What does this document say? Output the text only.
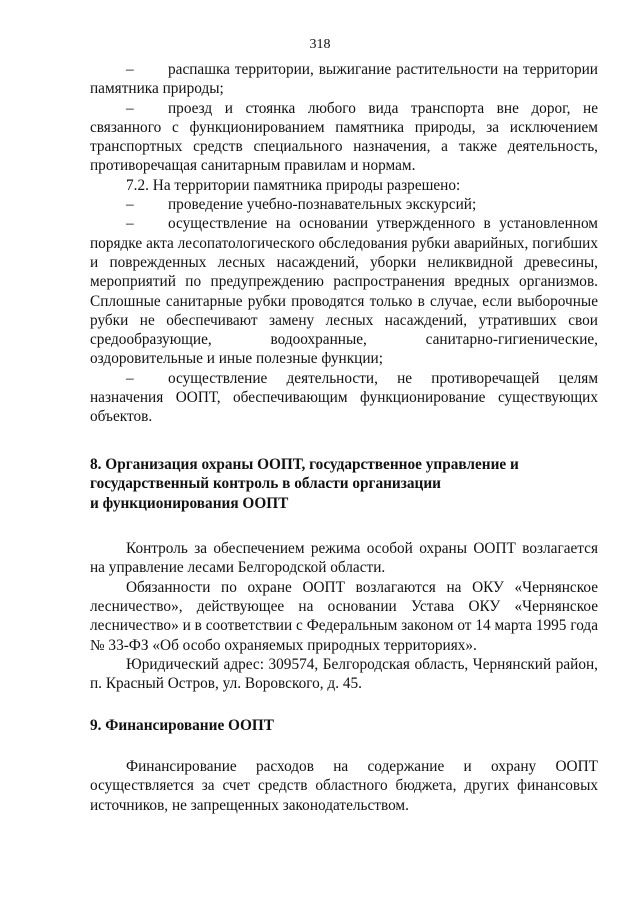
318

– распашка территории, выжигание растительности на территории памятника природы;

– проезд и стоянка любого вида транспорта вне дорог, не связанного с функционированием памятника природы, за исключением транспортных средств специального назначения, а также деятельность, противоречащая санитарным правилам и нормам.

7.2. На территории памятника природы разрешено:

– проведение учебно-познавательных экскурсий;

– осуществление на основании утвержденного в установленном порядке акта лесопатологического обследования рубки аварийных, погибших и поврежденных лесных насаждений, уборки неликвидной древесины, мероприятий по предупреждению распространения вредных организмов. Сплошные санитарные рубки проводятся только в случае, если выборочные рубки не обеспечивают замену лесных насаждений, утративших свои средообразующие, водоохранные, санитарно-гигиенические, оздоровительные и иные полезные функции;

– осуществление деятельности, не противоречащей целям назначения ООПТ, обеспечивающим функционирование существующих объектов.

8. Организация охраны ООПТ, государственное управление и

государственный контроль в области организации

и функционирования ООПТ

Контроль за обеспечением режима особой охраны ООПТ возлагается на управление лесами Белгородской области.

Обязанности по охране ООПТ возлагаются на ОКУ «Чернянское лесничество», действующее на основании Устава ОКУ «Чернянское лесничество» и в соответствии с Федеральным законом от 14 марта 1995 года № 33-ФЗ «Об особо охраняемых природных территориях».

Юридический адрес: 309574, Белгородская область, Чернянский район, п. Красный Остров, ул. Воровского, д. 45.

9. Финансирование ООПТ

Финансирование расходов на содержание и охрану ООПТ осуществляется за счет средств областного бюджета, других финансовых источников, не запрещенных законодательством.
